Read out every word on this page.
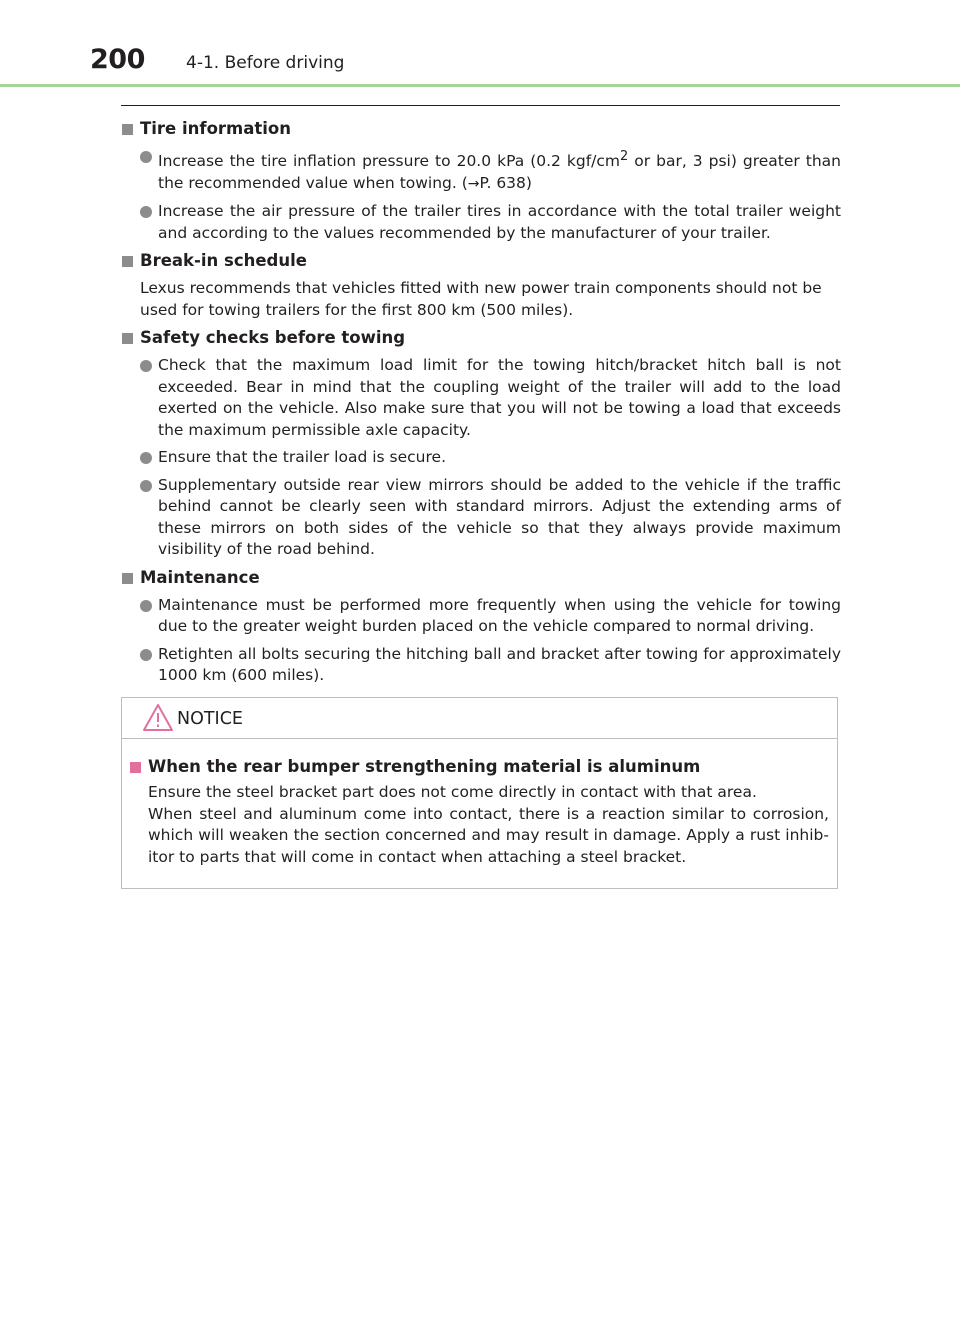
200 4-1. Before driving
Tire information
Increase the tire inflation pressure to 20.0 kPa (0.2 kgf/$cm^2$ or bar, 3 psi) greater than the recommended value when towing. (→P. 638)
Increase the air pressure of the trailer tires in accordance with the total trailer weight and according to the values recommended by the manufacturer of your trailer.
Break-in schedule
Lexus recommends that vehicles fitted with new power train components should not be used for towing trailers for the first 800 km (500 miles).
Safety checks before towing
Check that the maximum load limit for the towing hitch/bracket hitch ball is not exceeded. Bear in mind that the coupling weight of the trailer will add to the load exerted on the vehicle. Also make sure that you will not be towing a load that exceeds the maximum permissible axle capacity.
Ensure that the trailer load is secure.
Supplementary outside rear view mirrors should be added to the vehicle if the traffic behind cannot be clearly seen with standard mirrors. Adjust the extending arms of these mirrors on both sides of the vehicle so that they always provide maximum visibility of the road behind.
Maintenance
Maintenance must be performed more frequently when using the vehicle for towing due to the greater weight burden placed on the vehicle compared to normal driving.
Retighten all bolts securing the hitching ball and bracket after towing for approximately 1000 km (600 miles).
NOTICE
When the rear bumper strengthening material is aluminum
Ensure the steel bracket part does not come directly in contact with that area.
When steel and aluminum come into contact, there is a reaction similar to corrosion, which will weaken the section concerned and may result in damage. Apply a rust inhib-itor to parts that will come in contact when attaching a steel bracket.
